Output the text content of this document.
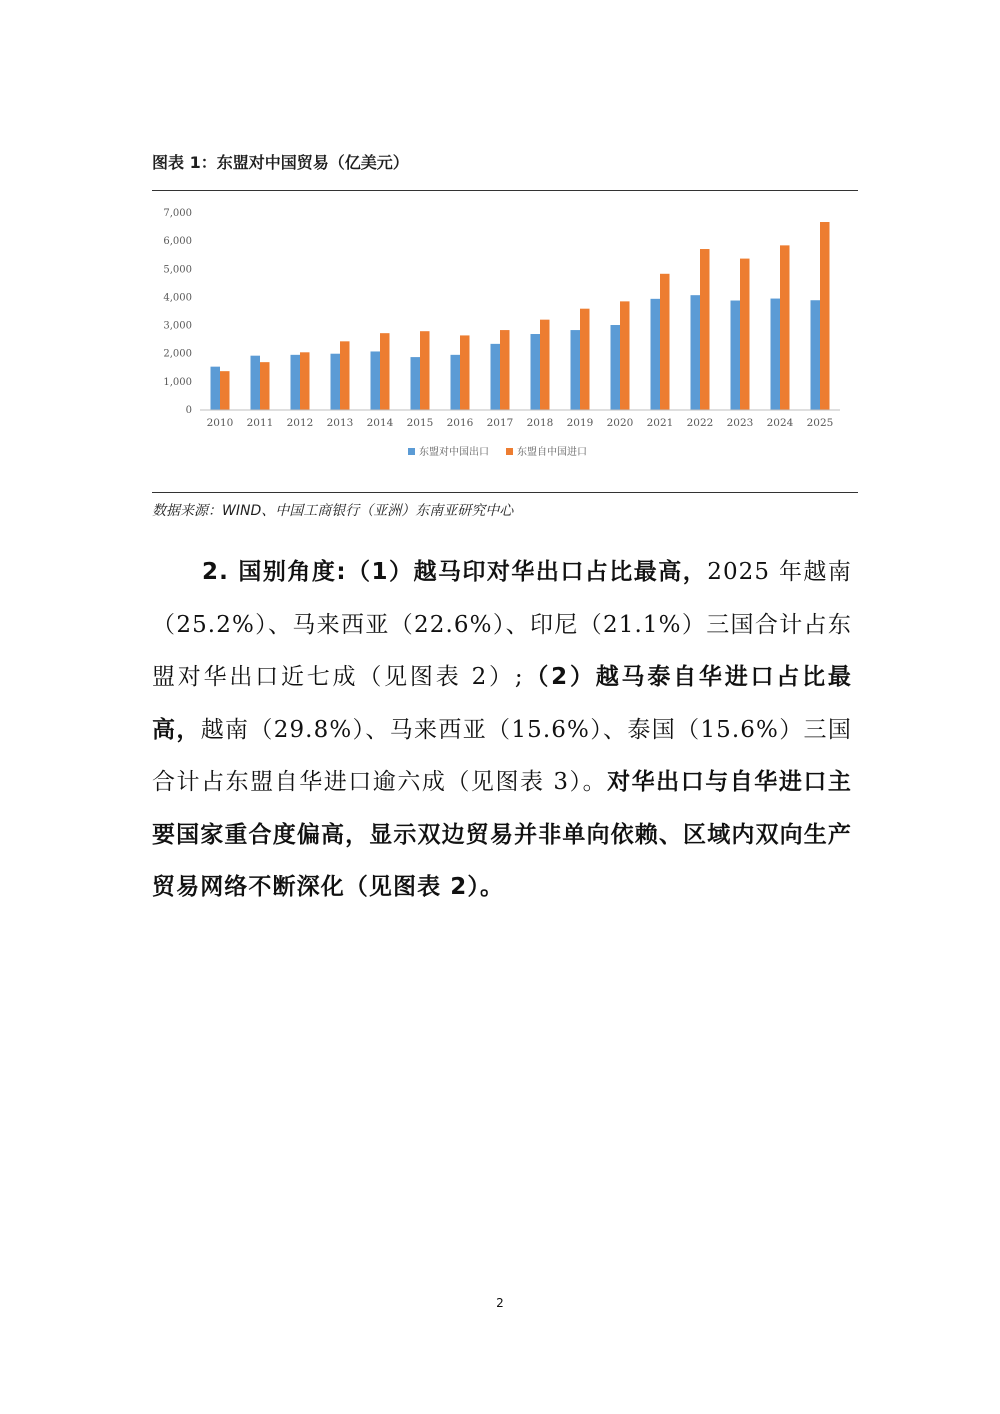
图表 1：东盟对中国贸易（亿美元）
0
1,000
2,000
3,000
4,000
5,000
6,000
7,000
2010 2011 2012 2013 2014 2015 2016 2017 2018 2019 2020 2021 2022 2023 2024 2025
东盟对中国出口	东盟自中国进口
数据来源：WIND、中国工商银行（亚洲）东南亚研究中心
2. 国别角度:（1）越马印对华出口占比最高，2025 年越南（25.2%）、马来西亚（22.6%）、印尼（21.1%）三国合计占东盟对华出口近七成（见图表 2）;（2）越马泰自华进口占比最高，越南（29.8%）、马来西亚（15.6%）、泰国（15.6%）三国合计占东盟自华进口逾六成（见图表 3）。对华出口与自华进口主要国家重合度偏高，显示双边贸易并非单向依赖、区域内双向生产贸易网络不断深化（见图表 2）。
2
